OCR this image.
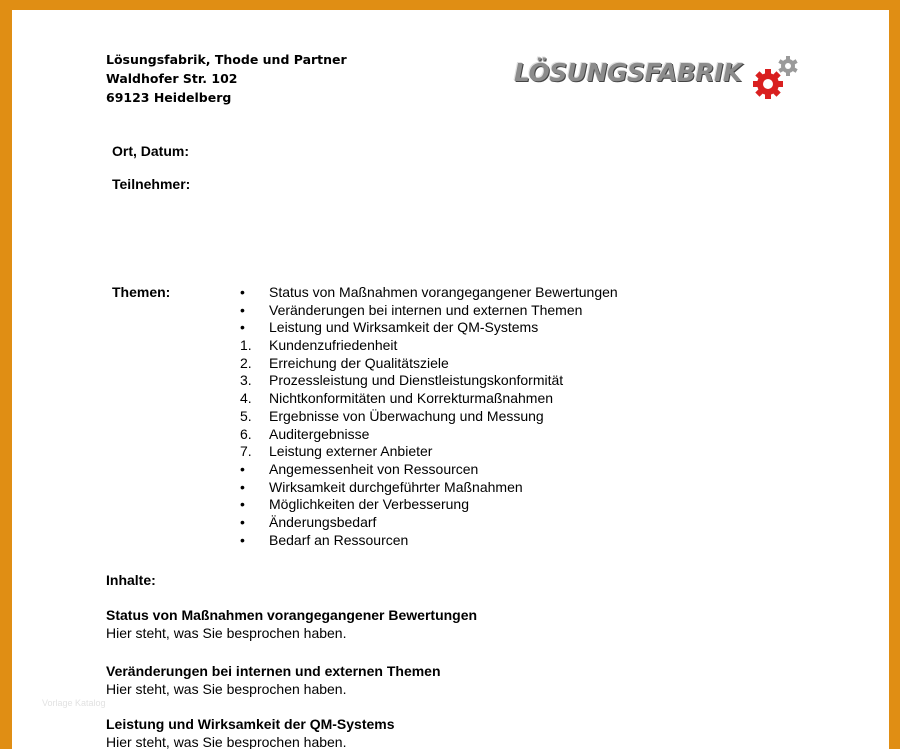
Lösungsfabrik, Thode und Partner
Waldhofer Str. 102
69123 Heidelberg
LÖSUNGSFABRIK
Ort, Datum:
Teilnehmer:
Themen:	•	Status von Maßnahmen vorangegangener Bewertungen
•	Veränderungen bei internen und externen Themen
•	Leistung und Wirksamkeit der QM-Systems
1.	Kundenzufriedenheit
2.	Erreichung der Qualitätsziele
3.	Prozessleistung und Dienstleistungskonformität
4.	Nichtkonformitäten und Korrekturmaßnahmen
5.	Ergebnisse von Überwachung und Messung
6.	Auditergebnisse
7.	Leistung externer Anbieter
•	Angemessenheit von Ressourcen
•	Wirksamkeit durchgeführter Maßnahmen
•	Möglichkeiten der Verbesserung
•	Änderungsbedarf
•	Bedarf an Ressourcen
Inhalte:
Status von Maßnahmen vorangegangener Bewertungen
Hier steht, was Sie besprochen haben.
Veränderungen bei internen und externen Themen
Hier steht, was Sie besprochen haben.
Leistung und Wirksamkeit der QM-Systems
Hier steht, was Sie besprochen haben.
Vorlage Katalog
